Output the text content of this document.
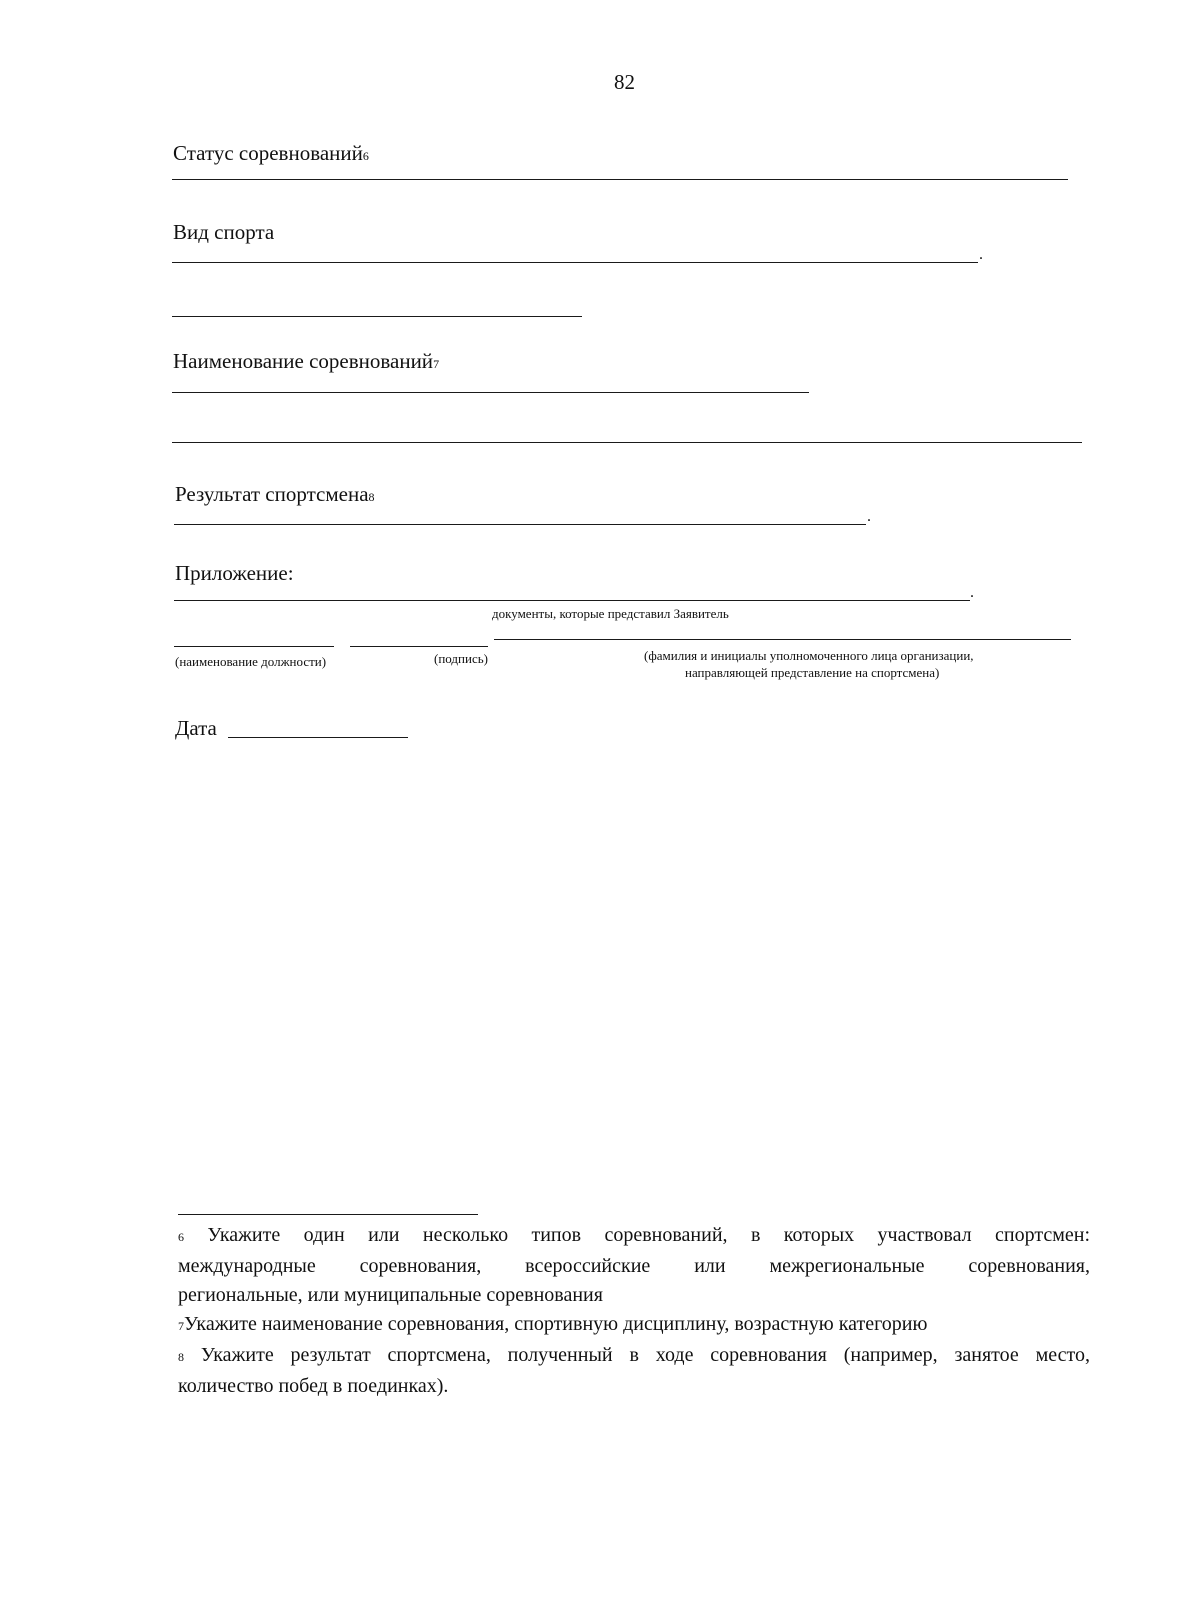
82
Статус соревнований6
Вид спорта
.
Наименование соревнований7
Результат спортсмена8
.
Приложение:
.
документы, которые представил Заявитель
(наименование должности)	(подпись)	(фамилия и инициалы уполномоченного лица организации,
направляющей представление на спортсмена)
Дата

6 Укажите один или несколько типов соревнований, в которых участвовал спортсмен:

международные соревнования, всероссийские или межрегиональные соревнования,

региональные, или муниципальные соревнования

7Укажите наименование соревнования, спортивную дисциплину, возрастную категорию

8 Укажите результат спортсмена, полученный в ходе соревнования (например, занятое место,

количество побед в поединках).
